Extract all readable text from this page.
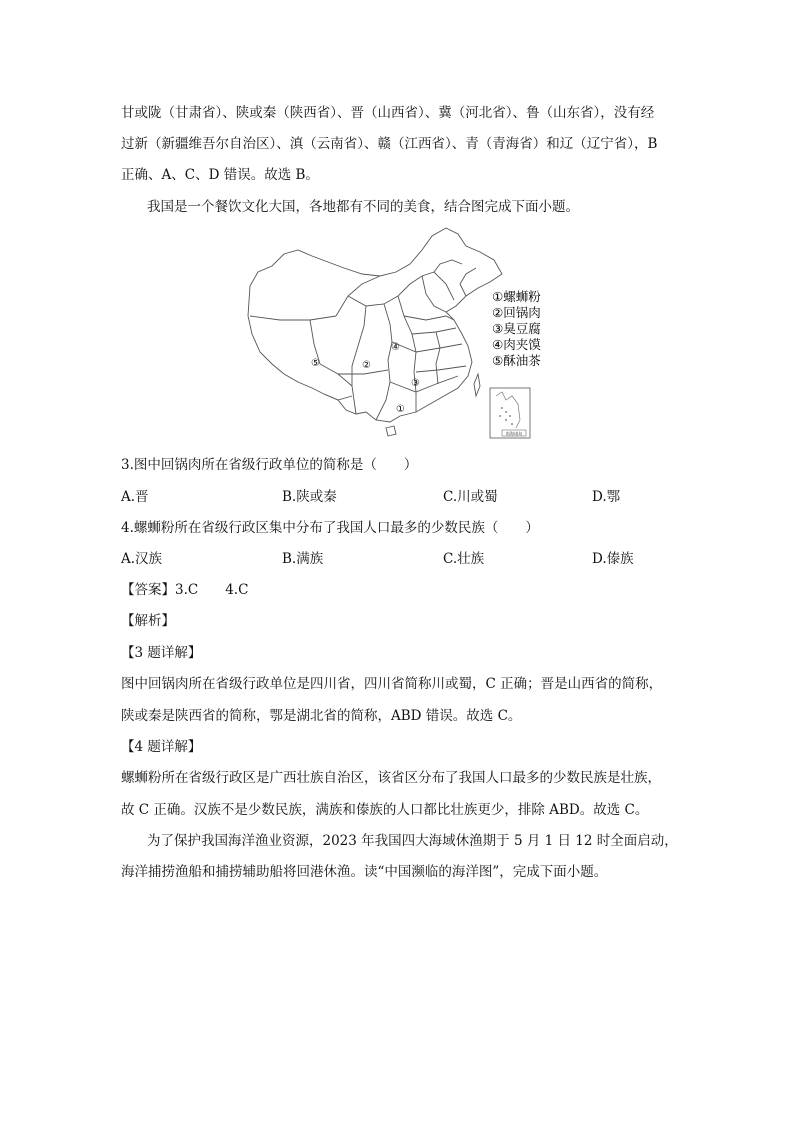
甘或陇（甘肃省）、陕或秦（陕西省）、晋（山西省）、冀（河北省）、鲁（山东省），没有经
过新（新疆维吾尔自治区）、滇（云南省）、赣（江西省）、青（青海省）和辽（辽宁省），B
正确、A、C、D 错误。故选 B。
我国是一个餐饮文化大国，各地都有不同的美食，结合图完成下面小题。
南海诸岛
⑤	②
④
③
①
①螺蛳粉
②回锅肉
③臭豆腐
④肉夹馍
⑤酥油茶
3.图中回锅肉所在省级行政单位的简称是（　　）
A.晋	B.陕或秦	C.川或蜀	D.鄂
4.螺蛳粉所在省级行政区集中分布了我国人口最多的少数民族（　　）
A.汉族	B.满族	C.壮族	D.傣族
【答案】3.C　　4.C
【解析】
【3 题详解】
图中回锅肉所在省级行政单位是四川省，四川省简称川或蜀，C 正确；晋是山西省的简称，
陕或秦是陕西省的简称，鄂是湖北省的简称，ABD 错误。故选 C。
【4 题详解】
螺蛳粉所在省级行政区是广西壮族自治区，该省区分布了我国人口最多的少数民族是壮族，
故 C 正确。汉族不是少数民族，满族和傣族的人口都比壮族更少，排除 ABD。故选 C。
为了保护我国海洋渔业资源，2023 年我国四大海域休渔期于 5 月 1 日 12 时全面启动，
海洋捕捞渔船和捕捞辅助船将回港休渔。读“中国濒临的海洋图”，完成下面小题。
